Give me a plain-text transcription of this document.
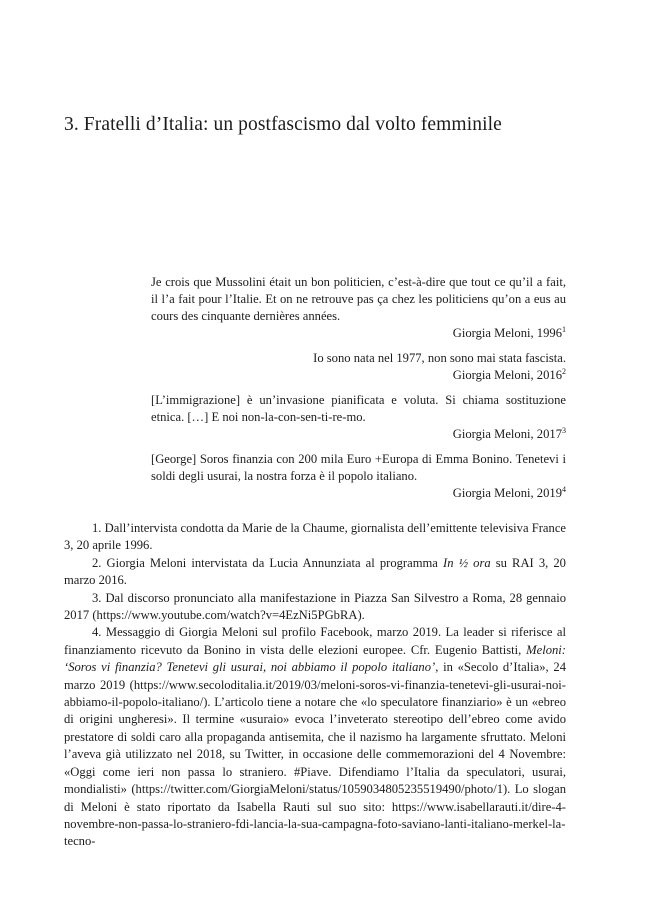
3. Fratelli d’Italia: un postfascismo dal volto femminile
Je crois que Mussolini était un bon politicien, c’est-à-dire que tout ce qu’il a fait, il l’a fait pour l’Italie. Et on ne retrouve pas ça chez les politiciens qu’on a eus au cours des cinquante dernières années.
Giorgia Meloni, 1996$^1$
Io sono nata nel 1977, non sono mai stata fascista.
Giorgia Meloni, 2016$^2$
[L’immigrazione] è un’invasione pianificata e voluta. Si chiama sostituzione etnica. […] E noi non-la-con-sen-ti-re-mo.
Giorgia Meloni, 2017$^3$
[George] Soros finanzia con 200 mila Euro +Europa di Emma Bonino. Tenetevi i soldi degli usurai, la nostra forza è il popolo italiano.
Giorgia Meloni, 2019$^4$

1. Dall’intervista condotta da Marie de la Chaume, giornalista dell’emittente televisiva France 3, 20 aprile 1996.

2. Giorgia Meloni intervistata da Lucia Annunziata al programma In ½ ora su RAI 3, 20 marzo 2016.

3. Dal discorso pronunciato alla manifestazione in Piazza San Silvestro a Roma, 28 gennaio 2017 (https://www.youtube.com/watch?v=4EzNi5PGbRA).

4. Messaggio di Giorgia Meloni sul profilo Facebook, marzo 2019. La leader si riferisce al finanziamento ricevuto da Bonino in vista delle elezioni europee. Cfr. Eugenio Battisti, Meloni: ‘Soros vi finanzia? Tenetevi gli usurai, noi abbiamo il popolo italiano’, in «Secolo d’Italia», 24 marzo 2019 (https://www.secoloditalia.it/2019/03/meloni-soros-vi-finanzia-tenetevi-gli-usurai-noi-abbiamo-il-popolo-italiano/). L’articolo tiene a notare che «lo speculatore finanziario» è un «ebreo di origini ungheresi». Il termine «usuraio» evoca l’inveterato stereotipo dell’ebreo come avido prestatore di soldi caro alla propaganda antisemita, che il nazismo ha largamente sfruttato. Meloni l’aveva già utilizzato nel 2018, su Twitter, in occasione delle commemorazioni del 4 Novembre: «Oggi come ieri non passa lo straniero. #Piave. Difendiamo l’Italia da speculatori, usurai, mondialisti» (https://twitter.com/GiorgiaMeloni/status/1059034805235519490/photo/1). Lo slogan di Meloni è stato riportato da Isabella Rauti sul suo sito: https://www.isabellarauti.it/dire-4-novembre-non-passa-lo-straniero-fdi-lancia-la-sua-campagna-foto-saviano-lanti-italiano-merkel-la-tecno-
